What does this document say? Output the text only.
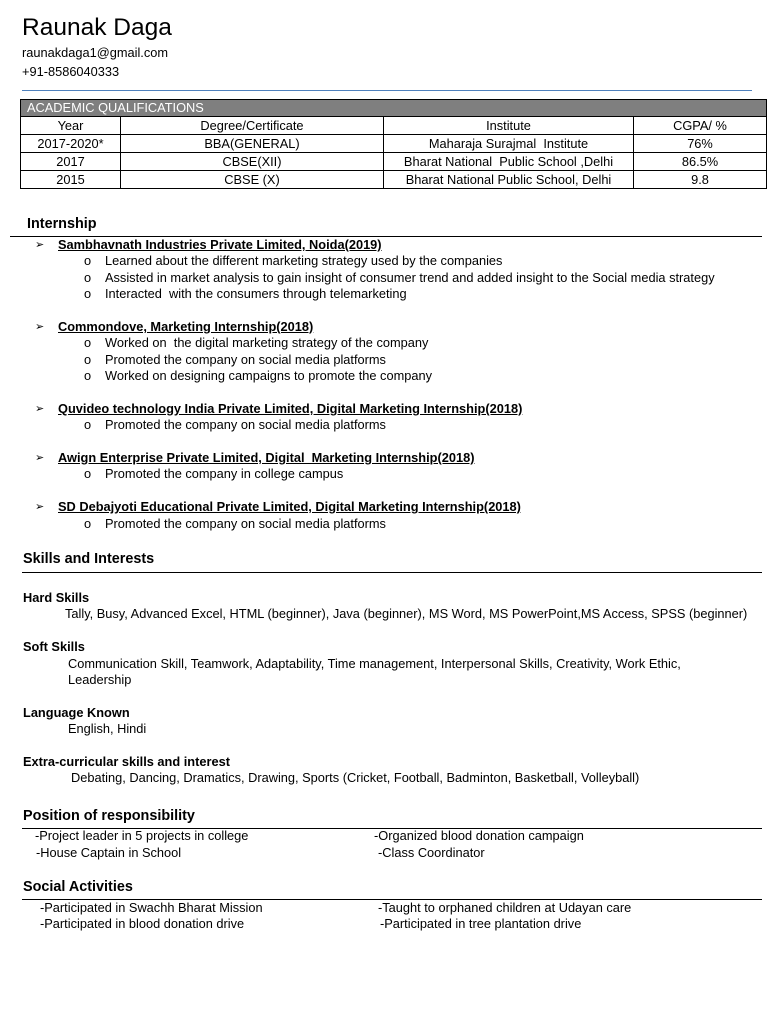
Raunak Daga
raunakdaga1@gmail.com
+91-8586040333
ACADEMIC QUALIFICATIONS			
Year	Degree/Certificate	Institute	CGPA/ %
2017-2020*	BBA(GENERAL)	Maharaja Surajmal  Institute	76%
2017	CBSE(XII)	Bharat National  Public School ,Delhi	86.5%
2015	CBSE (X)	Bharat National Public School, Delhi	9.8
Internship
➢ Sambhavnath Industries Private Limited, Noida(2019)
o Learned about the different marketing strategy used by the companies
o Assisted in market analysis to gain insight of consumer trend and added insight to the Social media strategy
o Interacted  with the consumers through telemarketing
➢ Commondove, Marketing Internship(2018)
o Worked on  the digital marketing strategy of the company
o Promoted the company on social media platforms
o Worked on designing campaigns to promote the company
➢ Quvideo technology India Private Limited, Digital Marketing Internship(2018)
o Promoted the company on social media platforms
➢ Awign Enterprise Private Limited, Digital  Marketing Internship(2018)
o Promoted the company in college campus
➢ SD Debajyoti Educational Private Limited, Digital Marketing Internship(2018)
o Promoted the company on social media platforms
Skills and Interests
Hard Skills
Tally, Busy, Advanced Excel, HTML (beginner), Java (beginner), MS Word, MS PowerPoint,MS Access, SPSS (beginner)
Soft Skills
Communication Skill, Teamwork, Adaptability, Time management, Interpersonal Skills, Creativity, Work Ethic,
Leadership
Language Known
English, Hindi
Extra-curricular skills and interest
Debating, Dancing, Dramatics, Drawing, Sports (Cricket, Football, Badminton, Basketball, Volleyball)
Position of responsibility
-Project leader in 5 projects in college	-Organized blood donation campaign
-House Captain in School	-Class Coordinator
Social Activities
-Participated in Swachh Bharat Mission	-Taught to orphaned children at Udayan care
-Participated in blood donation drive	-Participated in tree plantation drive
